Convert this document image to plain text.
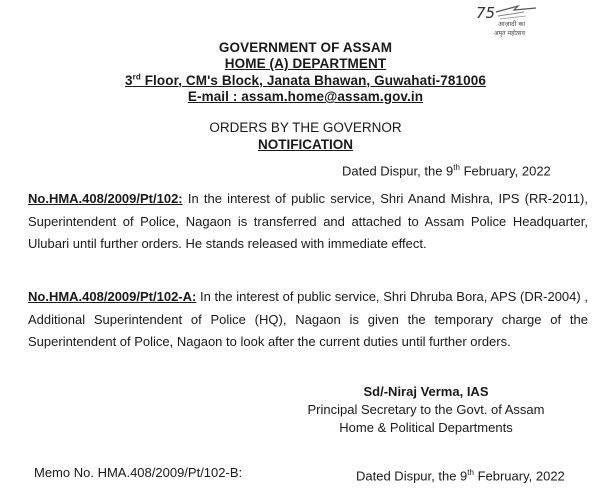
75
आज़ादी का
अमृत महोत्सव
GOVERNMENT OF ASSAM
HOME (A) DEPARTMENT
3rd Floor, CM's Block, Janata Bhawan, Guwahati-781006
E-mail : assam.home@assam.gov.in
ORDERS BY THE GOVERNOR
NOTIFICATION
Dated Dispur, the 9th February, 2022
No.HMA.408/2009/Pt/102: In the interest of public service, Shri Anand Mishra, IPS (RR-2011), Superintendent of Police, Nagaon is transferred and attached to Assam Police Headquarter, Ulubari until further orders. He stands released with immediate effect.
No.HMA.408/2009/Pt/102-A: In the interest of public service, Shri Dhruba Bora, APS (DR-2004) , Additional Superintendent of Police (HQ), Nagaon is given the temporary charge of the Superintendent of Police, Nagaon to look after the current duties until further orders.
Sd/-Niraj Verma, IAS
Principal Secretary to the Govt. of Assam
Home & Political Departments
Memo No. HMA.408/2009/Pt/102-B:	Dated Dispur, the 9th February, 2022
